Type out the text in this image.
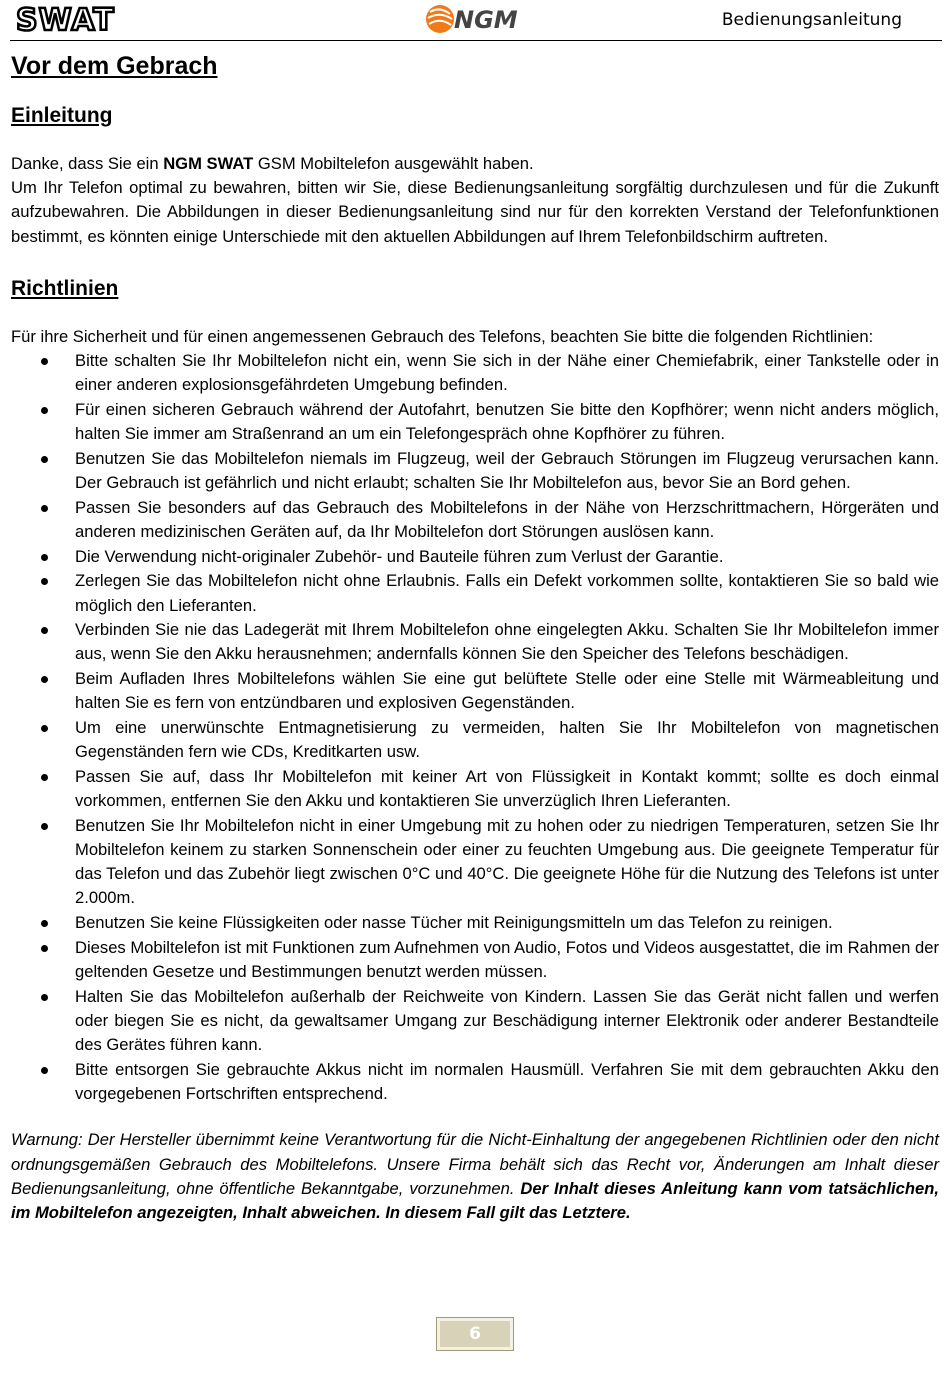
SWAT	NGM	Bedienungsanleitung
Vor dem Gebrach
Einleitung

Danke, dass Sie ein NGM SWAT GSM Mobiltelefon ausgewählt haben.

Um Ihr Telefon optimal zu bewahren, bitten wir Sie, diese Bedienungsanleitung sorgfältig durchzulesen und für die Zukunft aufzubewahren. Die Abbildungen in dieser Bedienungsanleitung sind nur für den korrekten Verstand der Telefonfunktionen bestimmt, es könnten einige Unterschiede mit den aktuellen Abbildungen auf Ihrem Telefonbildschirm auftreten.

Richtlinien

Für ihre Sicherheit und für einen angemessenen Gebrauch des Telefons, beachten Sie bitte die folgenden Richtlinien:

Bitte schalten Sie Ihr Mobiltelefon nicht ein, wenn Sie sich in der Nähe einer Chemiefabrik, einer Tankstelle oder in einer anderen explosionsgefährdeten Umgebung befinden.
Für einen sicheren Gebrauch während der Autofahrt, benutzen Sie bitte den Kopfhörer; wenn nicht anders möglich, halten Sie immer am Straßenrand an um ein Telefongespräch ohne Kopfhörer zu führen.
Benutzen Sie das Mobiltelefon niemals im Flugzeug, weil der Gebrauch Störungen im Flugzeug verursachen kann. Der Gebrauch ist gefährlich und nicht erlaubt; schalten Sie Ihr Mobiltelefon aus, bevor Sie an Bord gehen.
Passen Sie besonders auf das Gebrauch des Mobiltelefons in der Nähe von Herzschrittmachern, Hörgeräten und anderen medizinischen Geräten auf, da Ihr Mobiltelefon dort Störungen auslösen kann.
Die Verwendung nicht-originaler Zubehör- und Bauteile führen zum Verlust der Garantie.
Zerlegen Sie das Mobiltelefon nicht ohne Erlaubnis. Falls ein Defekt vorkommen sollte, kontaktieren Sie so bald wie möglich den Lieferanten.
Verbinden Sie nie das Ladegerät mit Ihrem Mobiltelefon ohne eingelegten Akku. Schalten Sie Ihr Mobiltelefon immer aus, wenn Sie den Akku herausnehmen; andernfalls können Sie den Speicher des Telefons beschädigen.
Beim Aufladen Ihres Mobiltelefons wählen Sie eine gut belüftete Stelle oder eine Stelle mit Wärmeableitung und halten Sie es fern von entzündbaren und explosiven Gegenständen.
Um eine unerwünschte Entmagnetisierung zu vermeiden, halten Sie Ihr Mobiltelefon von magnetischen Gegenständen fern wie CDs, Kreditkarten usw.
Passen Sie auf, dass Ihr Mobiltelefon mit keiner Art von Flüssigkeit in Kontakt kommt; sollte es doch einmal vorkommen, entfernen Sie den Akku und kontaktieren Sie unverzüglich Ihren Lieferanten.
Benutzen Sie Ihr Mobiltelefon nicht in einer Umgebung mit zu hohen oder zu niedrigen Temperaturen, setzen Sie Ihr Mobiltelefon keinem zu starken Sonnenschein oder einer zu feuchten Umgebung aus. Die geeignete Temperatur für das Telefon und das Zubehör liegt zwischen 0°C und 40°C. Die geeignete Höhe für die Nutzung des Telefons ist unter 2.000m.
Benutzen Sie keine Flüssigkeiten oder nasse Tücher mit Reinigungsmitteln um das Telefon zu reinigen.
Dieses Mobiltelefon ist mit Funktionen zum Aufnehmen von Audio, Fotos und Videos ausgestattet, die im Rahmen der geltenden Gesetze und Bestimmungen benutzt werden müssen.
Halten Sie das Mobiltelefon außerhalb der Reichweite von Kindern. Lassen Sie das Gerät nicht fallen und werfen oder biegen Sie es nicht, da gewaltsamer Umgang zur Beschädigung interner Elektronik oder anderer Bestandteile des Gerätes führen kann.
Bitte entsorgen Sie gebrauchte Akkus nicht im normalen Hausmüll. Verfahren Sie mit dem gebrauchten Akku den vorgegebenen Fortschriften entsprechend.

Warnung: Der Hersteller übernimmt keine Verantwortung für die Nicht-Einhaltung der angegebenen Richtlinien oder den nicht ordnungsgemäßen Gebrauch des Mobiltelefons. Unsere Firma behält sich das Recht vor, Änderungen am Inhalt dieser Bedienungsanleitung, ohne öffentliche Bekanntgabe, vorzunehmen. Der Inhalt dieses Anleitung kann vom tatsächlichen, im Mobiltelefon angezeigten, Inhalt abweichen. In diesem Fall gilt das Letztere.

6
